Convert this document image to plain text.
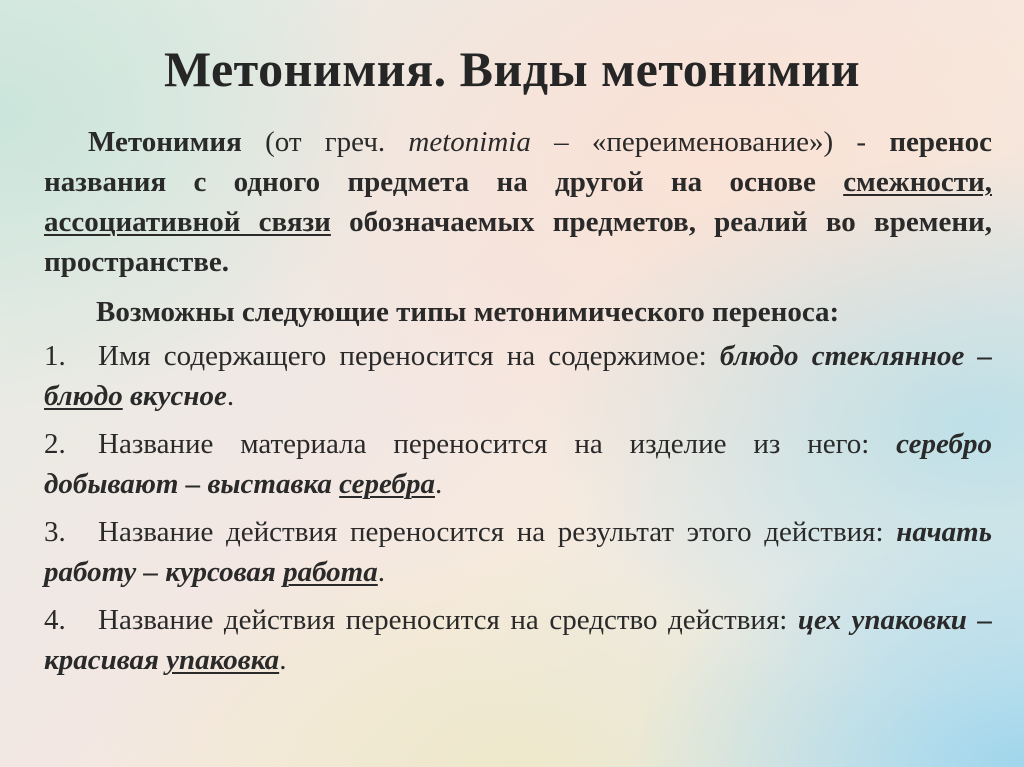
Метонимия. Виды метонимии

Метонимия (от греч. metonimia – «переименование») - перенос названия с одного предмета на другой на основе смежности, ассоциативной связи обозначаемых предметов, реалий во времени, пространстве.

Возможны следующие типы метонимического переноса:

1. Имя содержащего переносится на содержимое: блюдо стеклянное – блюдо вкусное.

2. Название материала переносится на изделие из него: серебро добывают – выставка серебра.

3. Название действия переносится на результат этого действия: начать работу – курсовая работа.

4. Название действия переносится на средство действия: цех упаковки – красивая упаковка.
